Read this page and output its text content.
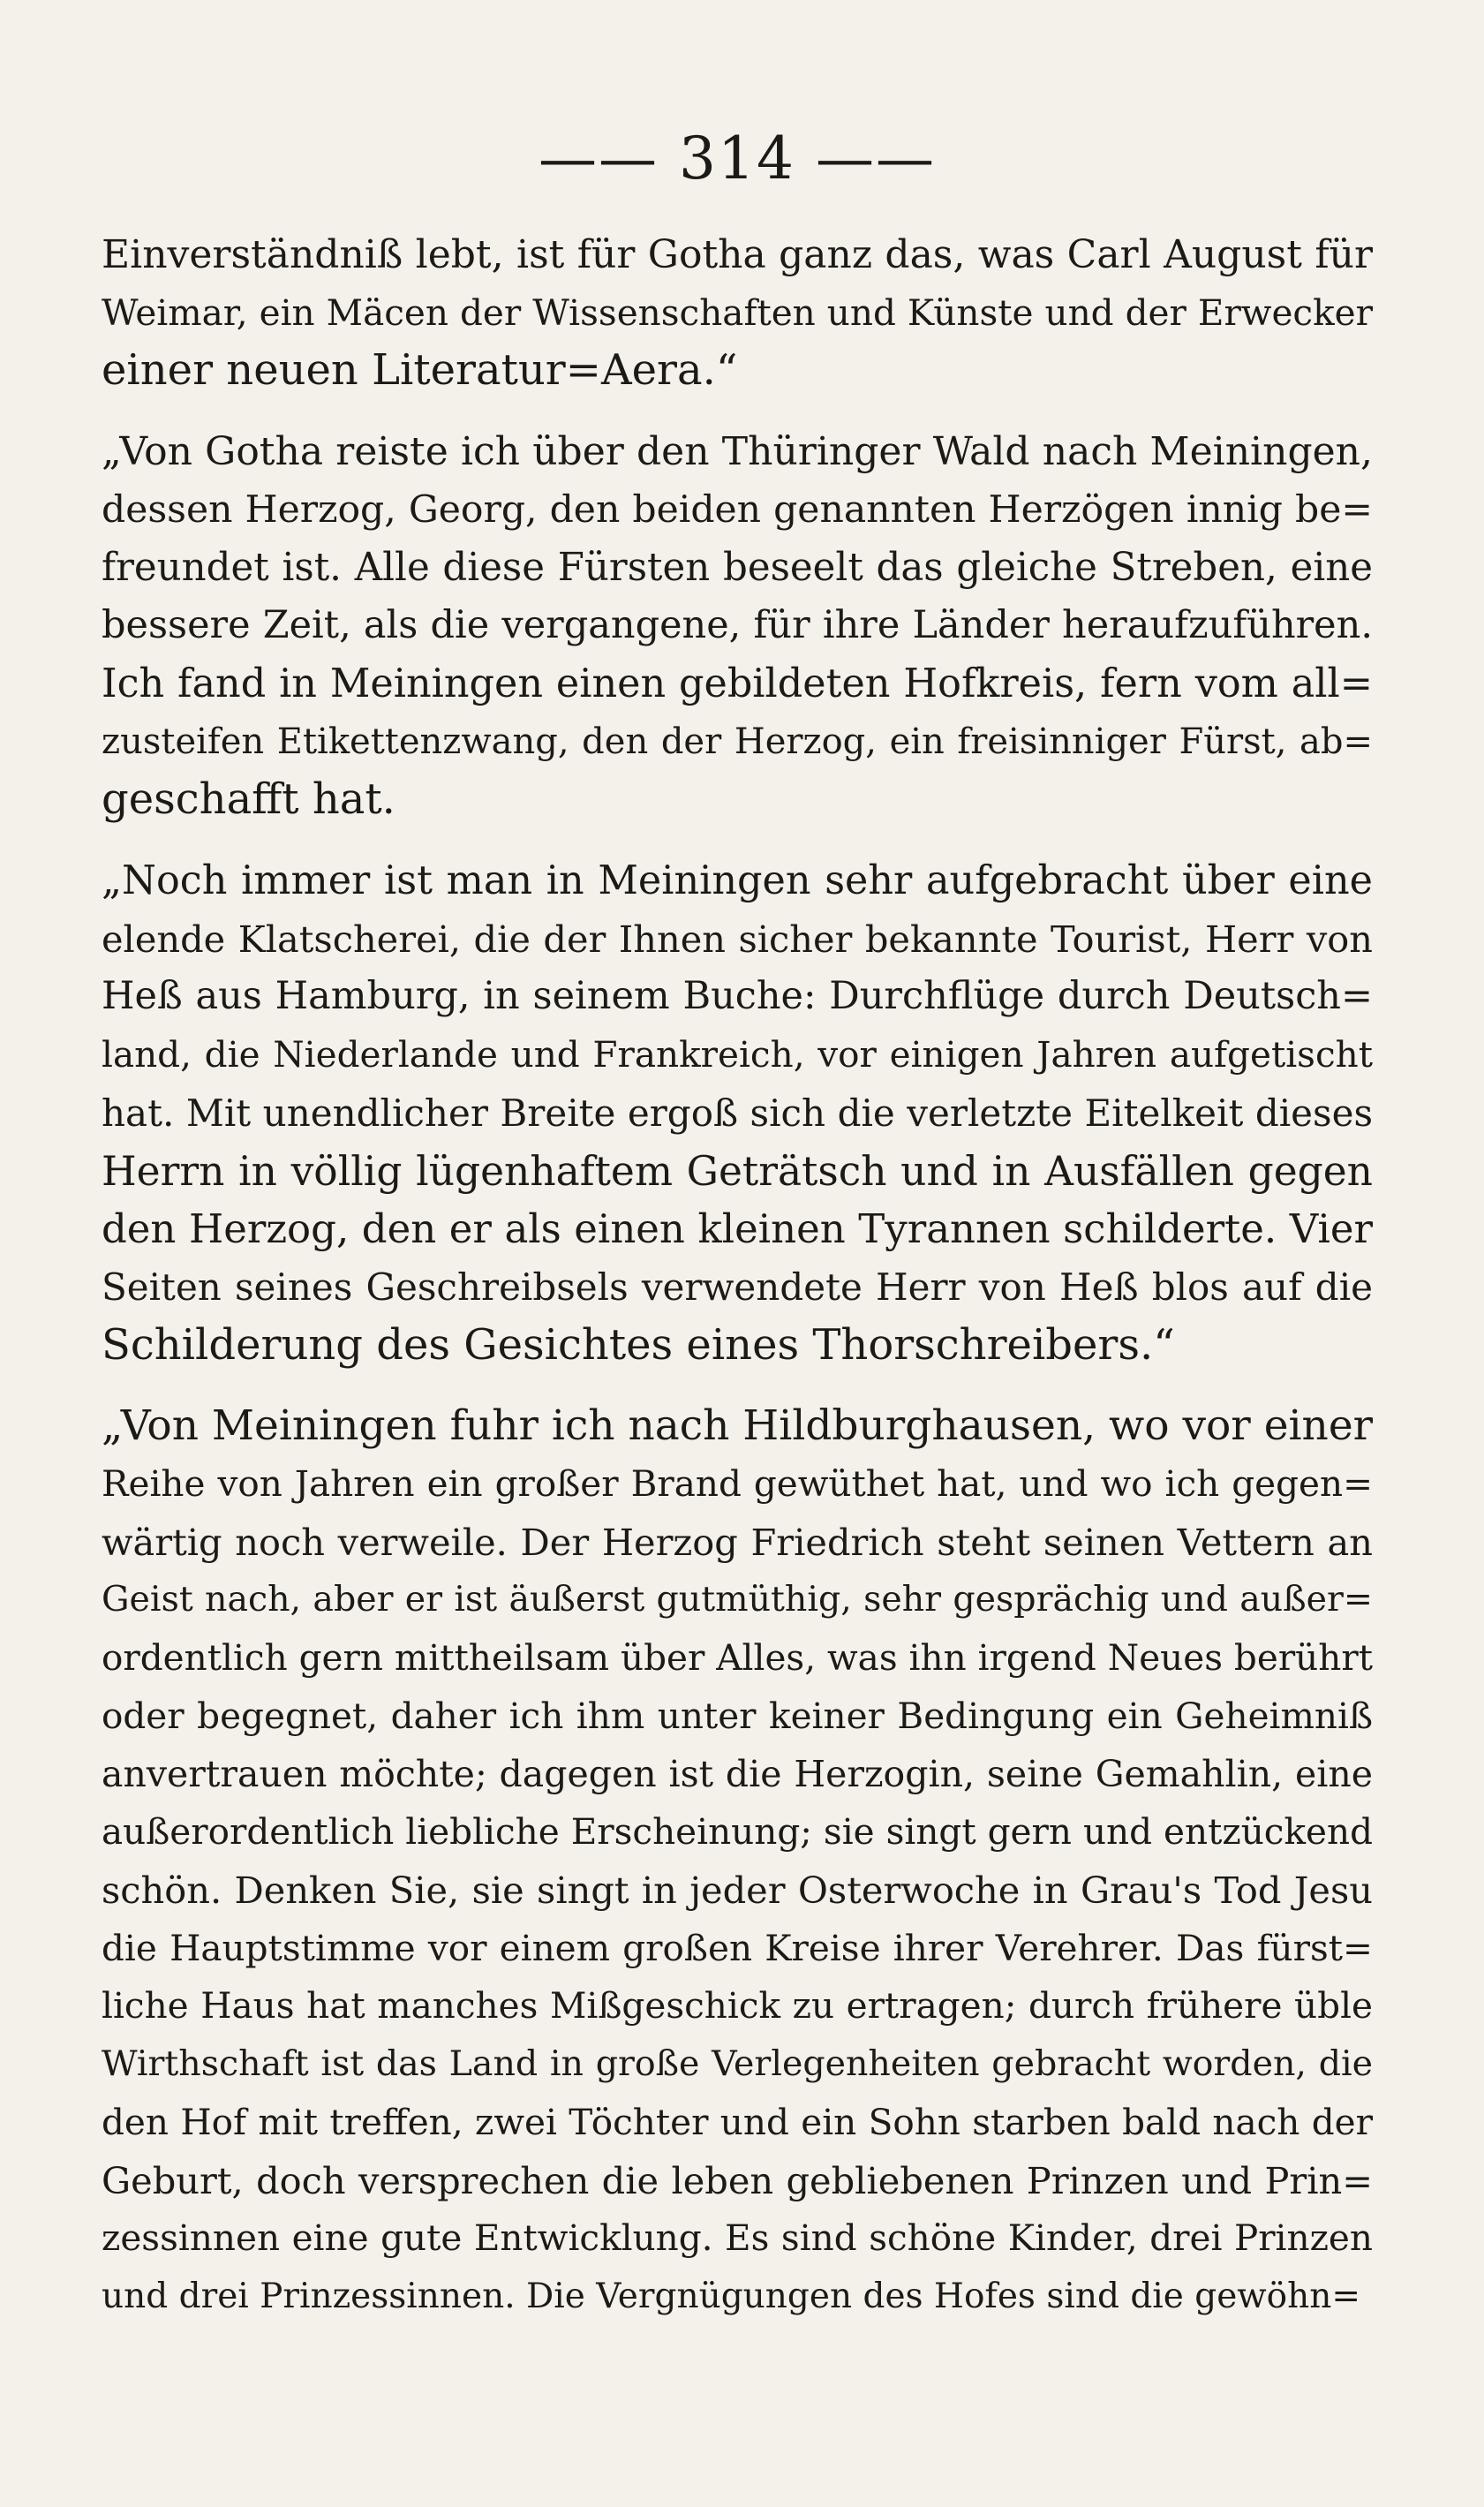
—— 314 ——
Einverständniß lebt, ist für Gotha ganz das, was Carl August für
Weimar, ein Mäcen der Wissenschaften und Künste und der Erwecker
einer neuen Literatur=Aera.“
„Von Gotha reiste ich über den Thüringer Wald nach Meiningen,
dessen Herzog, Georg, den beiden genannten Herzögen innig be=
freundet ist. Alle diese Fürsten beseelt das gleiche Streben, eine
bessere Zeit, als die vergangene, für ihre Länder heraufzuführen.
Ich fand in Meiningen einen gebildeten Hofkreis, fern vom all=
zusteifen Etikettenzwang, den der Herzog, ein freisinniger Fürst, ab=
geschafft hat.
„Noch immer ist man in Meiningen sehr aufgebracht über eine
elende Klatscherei, die der Ihnen sicher bekannte Tourist, Herr von
Heß aus Hamburg, in seinem Buche: Durchflüge durch Deutsch=
land, die Niederlande und Frankreich, vor einigen Jahren aufgetischt
hat. Mit unendlicher Breite ergoß sich die verletzte Eitelkeit dieses
Herrn in völlig lügenhaftem Geträtsch und in Ausfällen gegen
den Herzog, den er als einen kleinen Tyrannen schilderte. Vier
Seiten seines Geschreibsels verwendete Herr von Heß blos auf die
Schilderung des Gesichtes eines Thorschreibers.“
„Von Meiningen fuhr ich nach Hildburghausen, wo vor einer
Reihe von Jahren ein großer Brand gewüthet hat, und wo ich gegen=
wärtig noch verweile. Der Herzog Friedrich steht seinen Vettern an
Geist nach, aber er ist äußerst gutmüthig, sehr gesprächig und außer=
ordentlich gern mittheilsam über Alles, was ihn irgend Neues berührt
oder begegnet, daher ich ihm unter keiner Bedingung ein Geheimniß
anvertrauen möchte; dagegen ist die Herzogin, seine Gemahlin, eine
außerordentlich liebliche Erscheinung; sie singt gern und entzückend
schön. Denken Sie, sie singt in jeder Osterwoche in Grau's Tod Jesu
die Hauptstimme vor einem großen Kreise ihrer Verehrer. Das fürst=
liche Haus hat manches Mißgeschick zu ertragen; durch frühere üble
Wirthschaft ist das Land in große Verlegenheiten gebracht worden, die
den Hof mit treffen, zwei Töchter und ein Sohn starben bald nach der
Geburt, doch versprechen die leben gebliebenen Prinzen und Prin=
zessinnen eine gute Entwicklung. Es sind schöne Kinder, drei Prinzen
und drei Prinzessinnen. Die Vergnügungen des Hofes sind die gewöhn=
